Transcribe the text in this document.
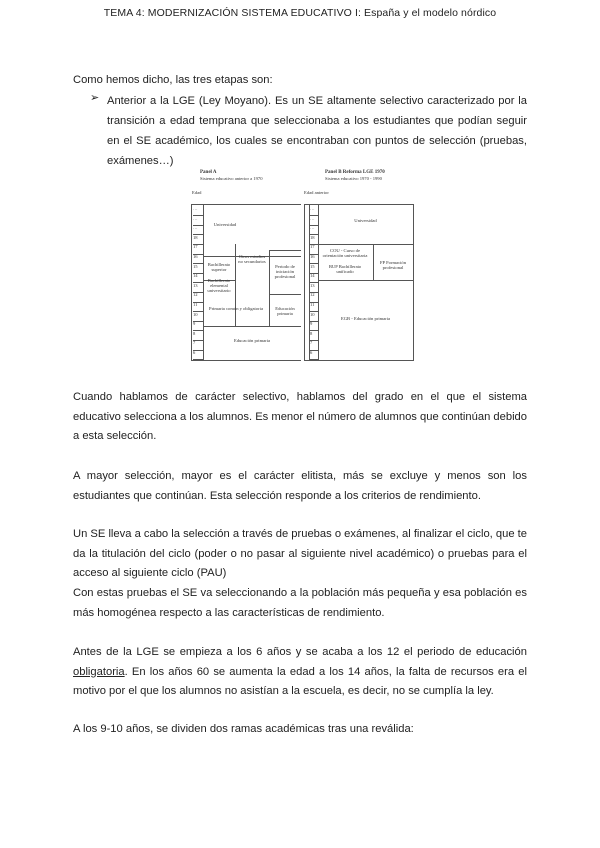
TEMA 4: MODERNIZACIÓN SISTEMA EDUCATIVO I: España y el modelo nórdico
Como hemos dicho, las tres etapas son:
➢ Anterior a la LGE (Ley Moyano). Es un SE altamente selectivo caracterizado por la transición a edad temprana que seleccionaba a los estudiantes que podían seguir en el SE académico, los cuales se encontraban con puntos de selección (pruebas, exámenes…)
Panel A
Sistema educativo anterior a 1970
Panel B Reforma LGE 1970
Sistema educativo 1970 - 1990
Edad	Edad anterior
…
…
…
18
17
16
15
14
13
12
11
10
9
8
7
6
…
…
…
18
17
16
15
14
13
12
11
10
9
8
7
6
Universidad
Otros estudios no secundarios
Bachillerato superior
Bachillerato elemental universitario
Periodo de iniciación profesional
Primaria común y obligatoria	Educación primaria
Educación primaria
Universidad
COU - Curso de orientación universitaria
BUP Bachillerato unificado
FP Formación profesional
EGB - Educación primaria
Cuando hablamos de carácter selectivo, hablamos del grado en el que el sistema educativo selecciona a los alumnos. Es menor el número de alumnos que continúan debido a esta selección.
A mayor selección, mayor es el carácter elitista, más se excluye y menos son los estudiantes que continúan. Esta selección responde a los criterios de rendimiento.
Un SE lleva a cabo la selección a través de pruebas o exámenes, al finalizar el ciclo, que te da la titulación del ciclo (poder o no pasar al siguiente nivel académico) o pruebas para el acceso al siguiente ciclo (PAU)
Con estas pruebas el SE va seleccionando a la población más pequeña y esa población es más homogénea respecto a las características de rendimiento.
Antes de la LGE se empieza a los 6 años y se acaba a los 12 el periodo de educación obligatoria. En los años 60 se aumenta la edad a los 14 años, la falta de recursos era el motivo por el que los alumnos no asistían a la escuela, es decir, no se cumplía la ley.
A los 9-10 años, se dividen dos ramas académicas tras una reválida:
